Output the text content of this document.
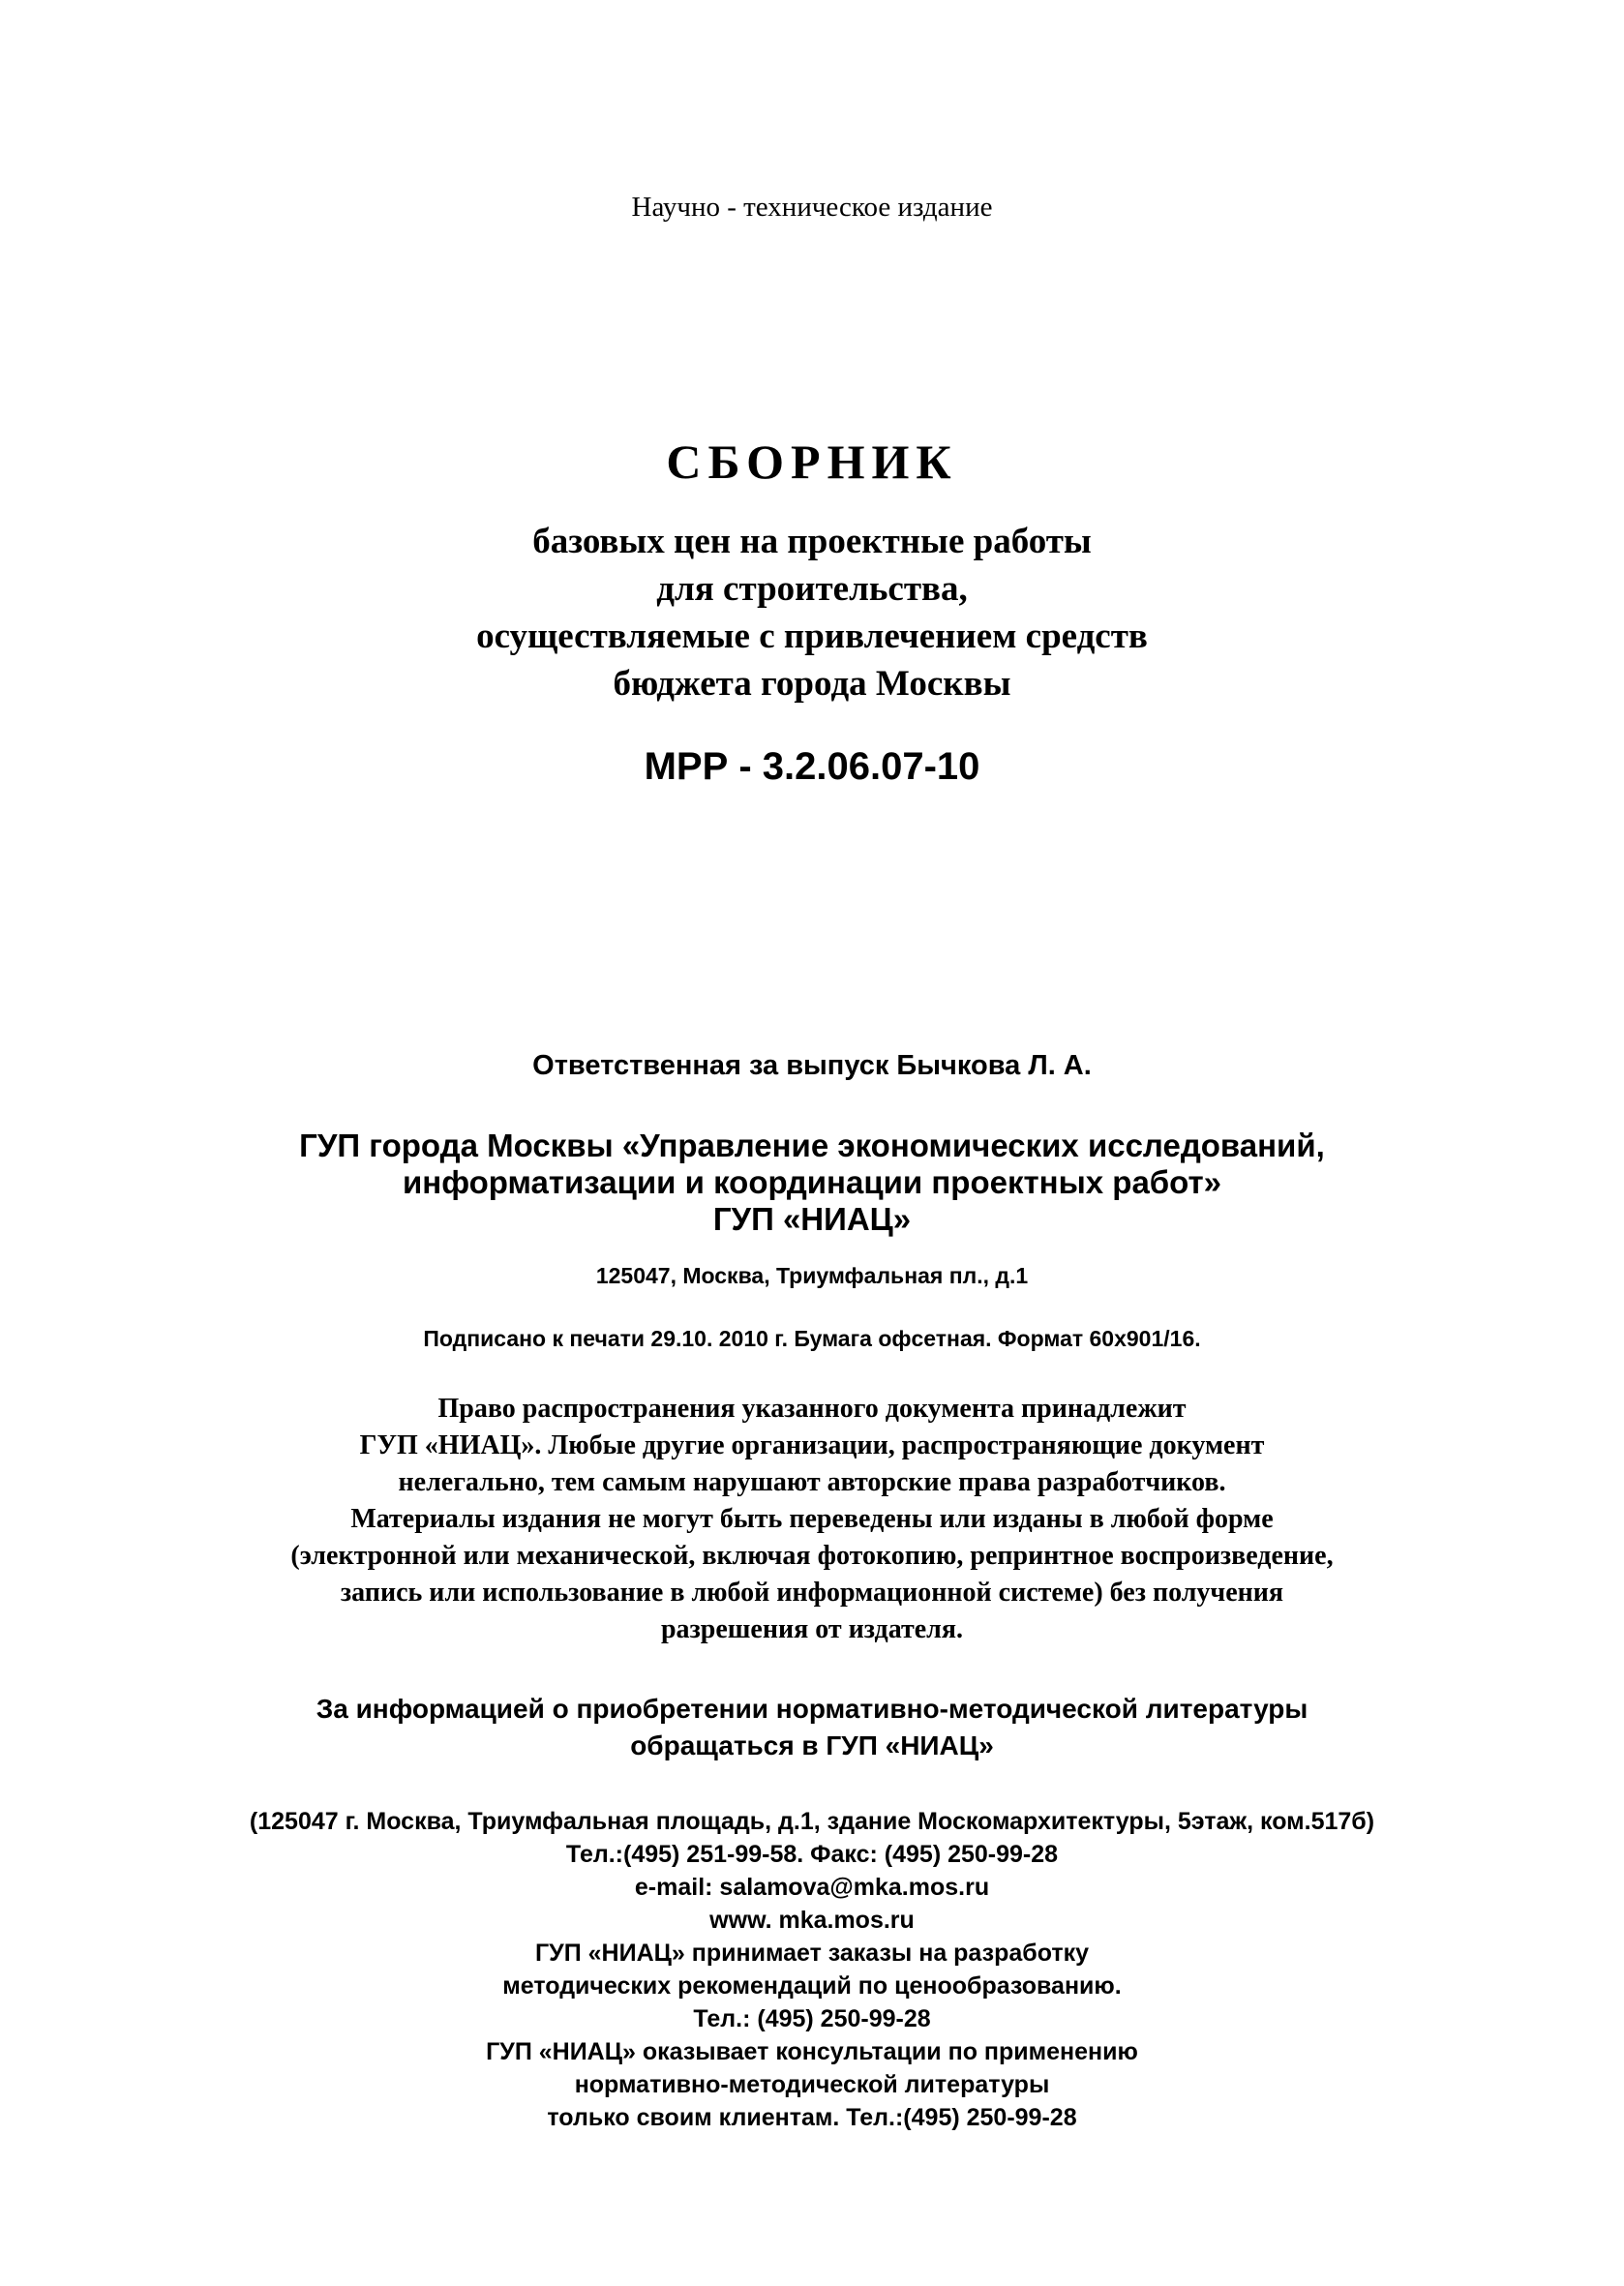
Научно - техническое издание
СБОРНИК
базовых цен на проектные работы
для строительства,
осуществляемые с привлечением средств
бюджета города Москвы
МРР - 3.2.06.07-10
Ответственная за выпуск Бычкова Л. А.
ГУП города Москвы «Управление экономических исследований,
информатизации и координации проектных работ»
ГУП «НИАЦ»
125047, Москва, Триумфальная пл., д.1
Подписано к печати 29.10. 2010 г. Бумага офсетная. Формат 60х901/16.
Право распространения указанного документа принадлежит
ГУП «НИАЦ». Любые другие организации, распространяющие документ
нелегально, тем самым нарушают авторские права разработчиков.
Материалы издания не могут быть переведены или изданы в любой форме
(электронной или механической, включая фотокопию, репринтное воспроизведение,
запись или использование в любой информационной системе) без получения
разрешения от издателя.
За информацией о приобретении нормативно-методической литературы
обращаться в ГУП «НИАЦ»
(125047 г. Москва, Триумфальная площадь, д.1, здание Москомархитектуры, 5этаж, ком.517б)
Тел.:(495) 251-99-58. Факс: (495) 250-99-28
e-mail: salamova@mka.mos.ru
www. mka.mos.ru
ГУП «НИАЦ» принимает заказы на разработку
методических рекомендаций по ценообразованию.
Тел.: (495) 250-99-28
ГУП «НИАЦ» оказывает консультации по применению
нормативно-методической литературы
только своим клиентам. Тел.:(495) 250-99-28
